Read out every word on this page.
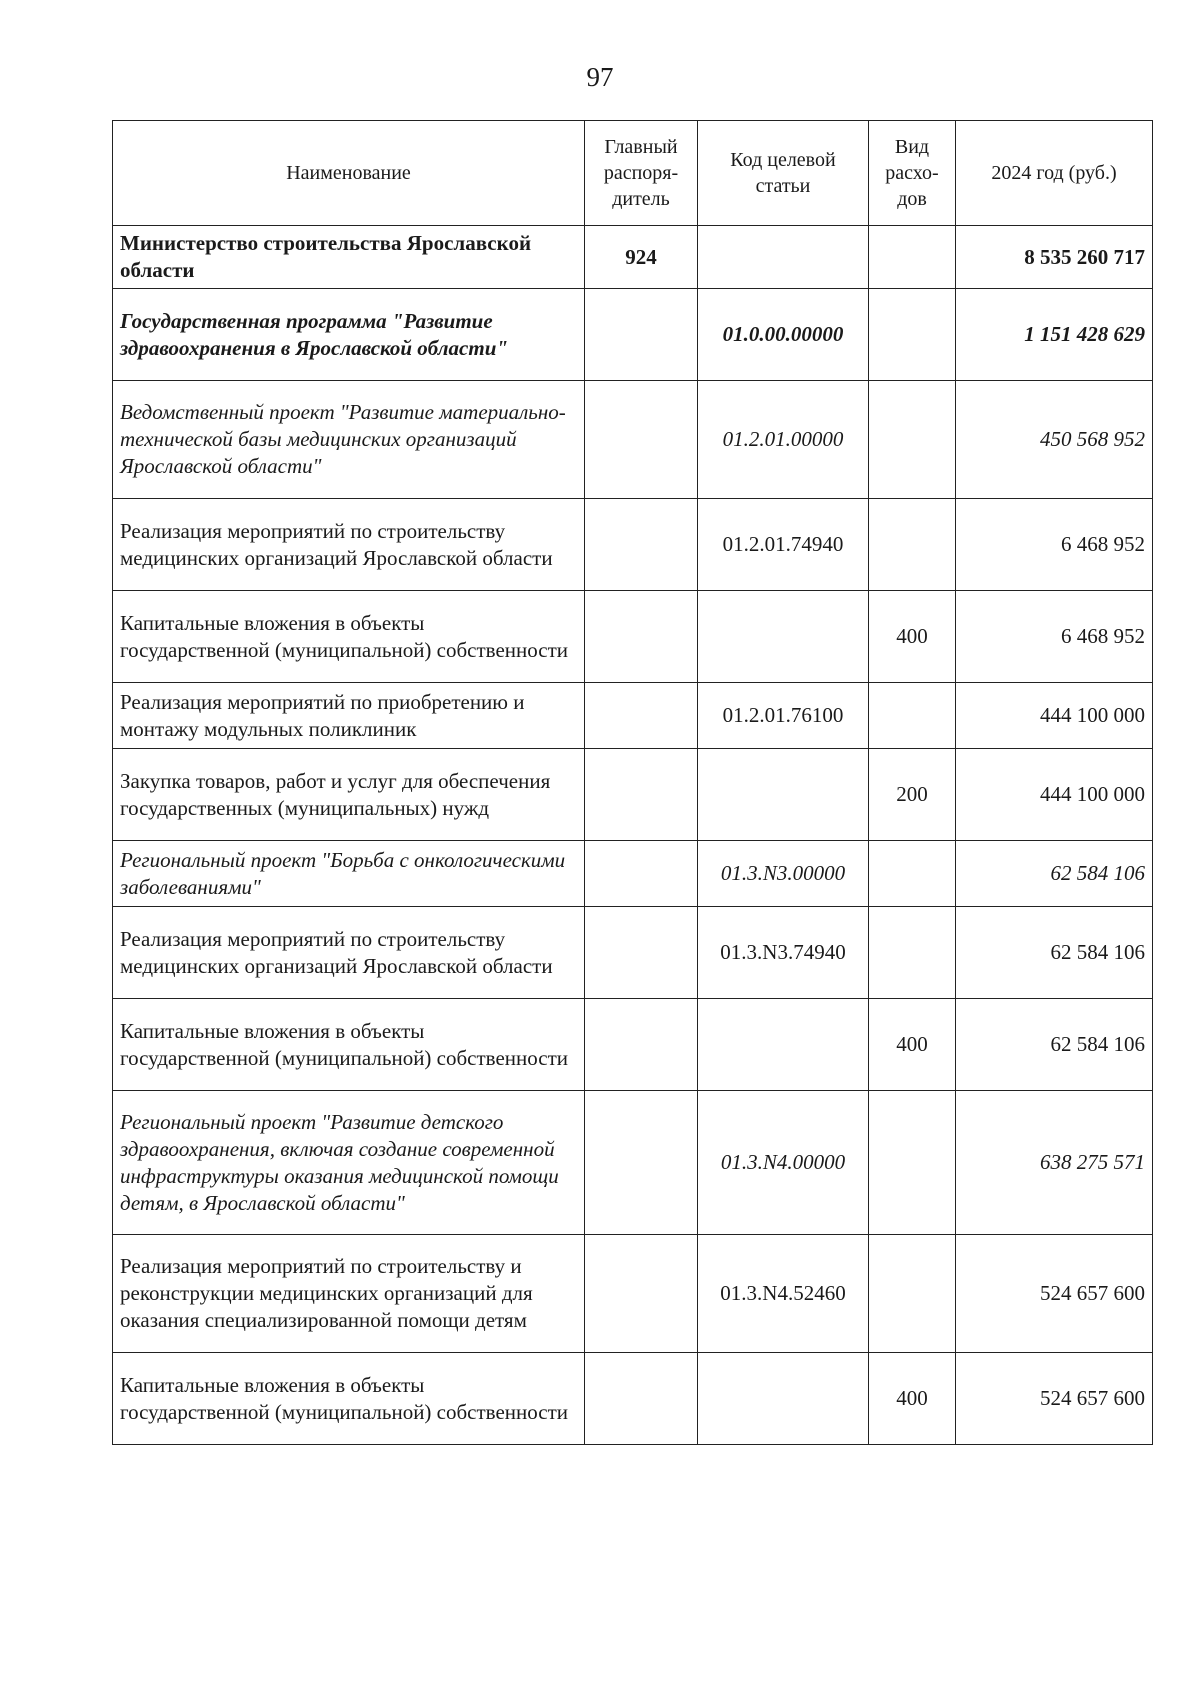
97
Наименование	Главный распоря-дитель	Код целевой статьи	Вид расхо-дов	2024 год (руб.)
Министерство строительства Ярославской области	924			8 535 260 717
Государственная программа "Развитие здравоохранения в Ярославской области"		01.0.00.00000		1 151 428 629
Ведомственный проект "Развитие материально-технической базы медицинских организаций Ярославской области"		01.2.01.00000		450 568 952
Реализация мероприятий по строительству медицинских организаций Ярославской области		01.2.01.74940		6 468 952
Капитальные вложения в объекты государственной (муниципальной) собственности			400	6 468 952
Реализация мероприятий по приобретению и монтажу модульных поликлиник		01.2.01.76100		444 100 000
Закупка товаров, работ и услуг для обеспечения государственных (муниципальных) нужд			200	444 100 000
Региональный проект "Борьба с онкологическими заболеваниями"		01.3.N3.00000		62 584 106
Реализация мероприятий по строительству медицинских организаций Ярославской области		01.3.N3.74940		62 584 106
Капитальные вложения в объекты государственной (муниципальной) собственности			400	62 584 106
Региональный проект "Развитие детского здравоохранения, включая создание современной инфраструктуры оказания медицинской помощи детям, в Ярославской области"		01.3.N4.00000		638 275 571
Реализация мероприятий по строительству и реконструкции медицинских организаций для оказания специализированной помощи детям		01.3.N4.52460		524 657 600
Капитальные вложения в объекты государственной (муниципальной) собственности			400	524 657 600
